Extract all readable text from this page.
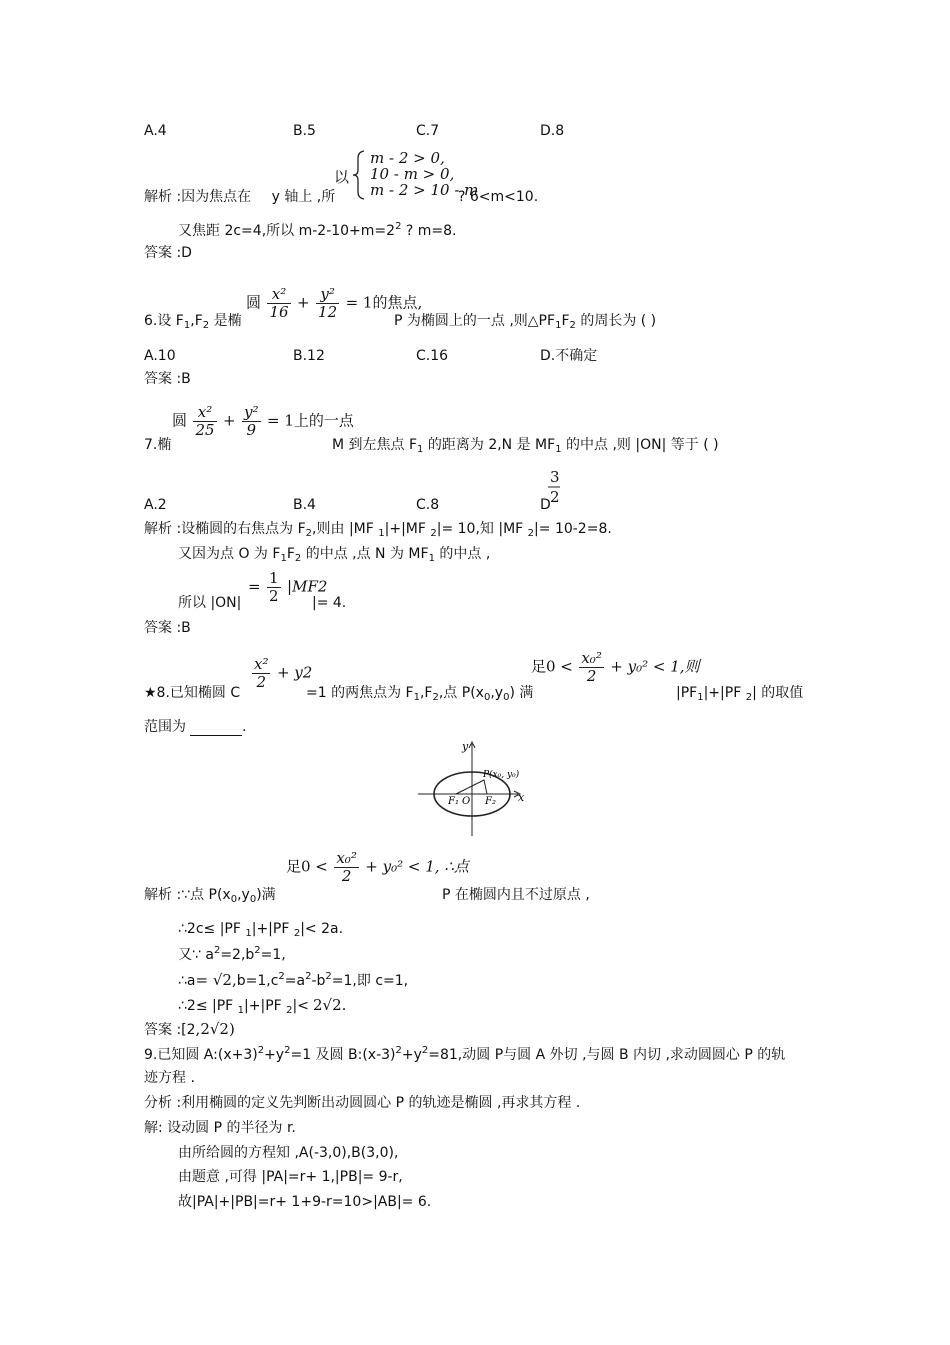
A.4	B.5	C.7	D.8
解析 :因为焦点在 y 轴上 ,所
以
m - 2 > 0,
10 - m > 0,
m - 2 > 10 - m
? 6<m<10.
又焦距 2c=4,所以 $m-2-10+m=2^2$ ? m=8.
答案 :D
圆 $\frac{\text{x²}}{16} + \frac{\text{y²}}{12} = 1$的焦点,
6.设 $F_1,F_2$ 是椭	P 为椭圆上的一点 ,则$\triangle PF_1F_2$ 的周长为 ( )
A.10	B.12	C.16	D.不确定
答案 :B
圆 $\frac{\text{x²}}{25} + \frac{\text{y²}}{9} = 1$上的一点
7.椭	M 到左焦点 $F_1$ 的距离为 2,N 是 $MF_1$ 的中点 ,则 |ON| 等于 ( )
A.2	B.4	C.8	D
3
2
解析 :设椭圆的右焦点为 $F_2$,则由 |MF $_1$|+|MF $_2$|= 10,知 |MF $_2$|= 10-2=8.
又因为点 O 为 $F_1F_2$ 的中点 ,点 N 为 $MF_1$ 的中点 ,
所以 |ON|
= $\frac{1}{2} |MF2$
|= 4.
答案 :B
★8.已知椭圆 C
$\frac{\text{x²}}{2} + y2$
=1 的两焦点为 $F_1,F_2$,点 $P(x_0,y_0)$ 满
足$0 < \frac{\text{x₀²}}{2} + y_0^2 < 1$,则
$|PF_1|+|PF$ $_2$| 的取值
范围为	.
y
x
P(x₀, y₀)
F₁ O F₂
解析 :∵点 $P(x_0,y_0)$满
足$0 < \frac{\text{x₀²}}{2} + y_0^2 < 1$, ∴点
P 在椭圆内且不过原点 ,
∴2c≤ |PF $_1$|+|PF $_2$|< 2a.
又∵ $a^2=2,b^2=1$,
∴a= $√2,b=1,c^2=a^2-b^2=1$,即 c=1,
∴2≤ |PF $_1$|+|PF $_2$|< 2√2.
答案 :[2,2√2)
9.已知圆 $A:(x+3)^2+y^2=1$ 及圆 $B:(x-3)^2+y^2=81$,动圆 P与圆 A 外切 ,与圆 B 内切 ,求动圆圆心 P 的轨
迹方程 .
分析 :利用椭圆的定义先判断出动圆圆心 P 的轨迹是椭圆 ,再求其方程 .
解: 设动圆 P 的半径为 r.
由所给圆的方程知 ,A(-3,0),B(3,0),
由题意 ,可得 |PA|=r+ 1,|PB|= 9-r,
故|PA|+|PB|=r+ 1+9-r=10>|AB|= 6.
